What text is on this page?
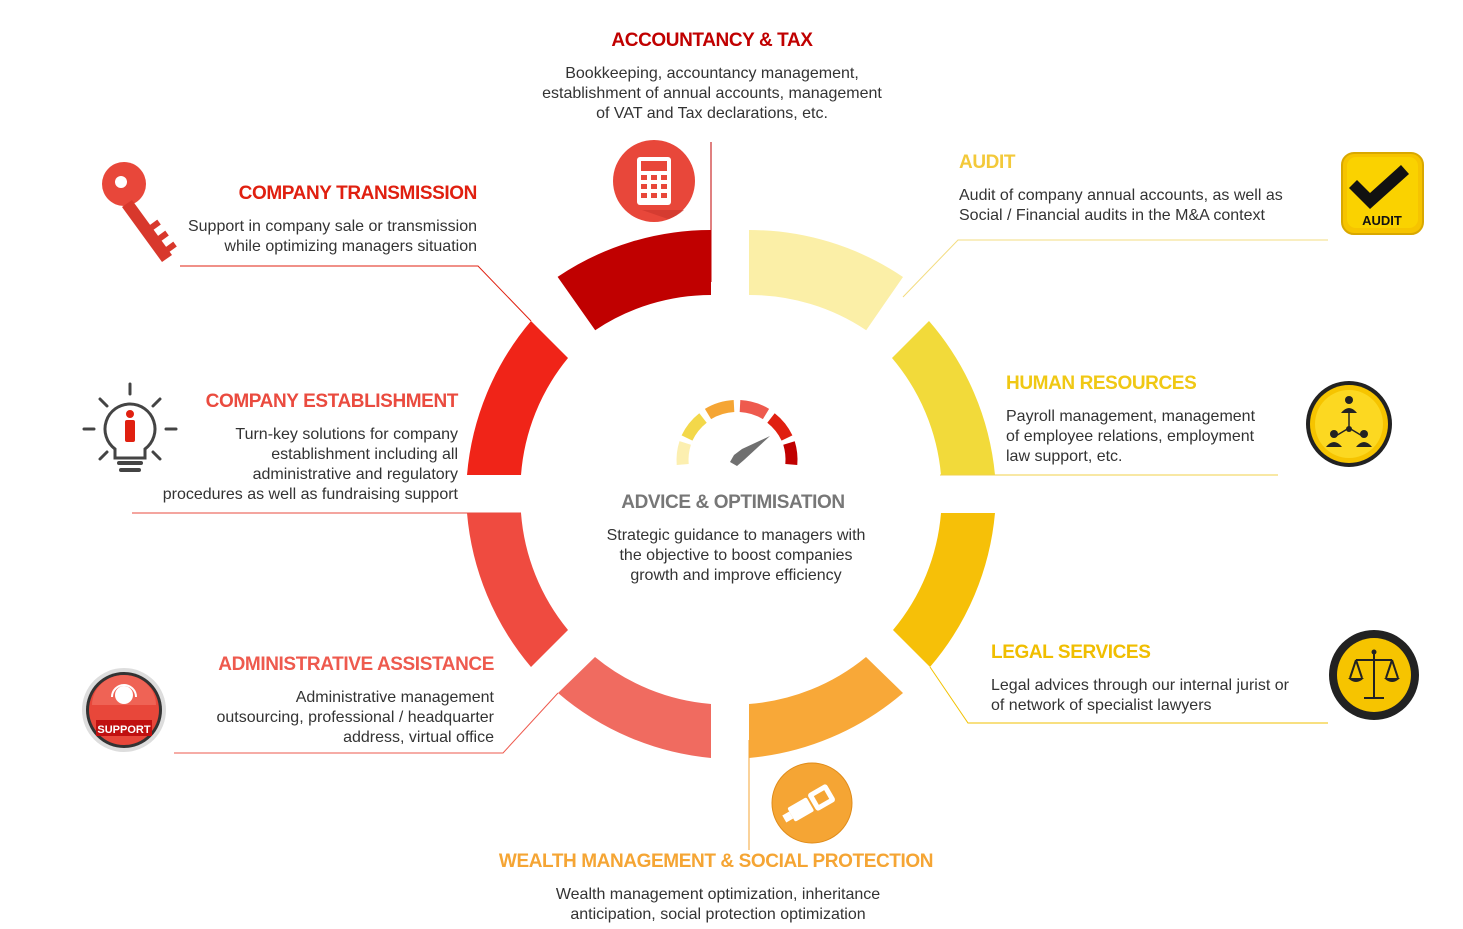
AUDIT
SUPPORT
ADVICE & OPTIMISATION
Strategic guidance to managers with
the objective to boost companies
growth and improve efficiency
ACCOUNTANCY & TAX
Bookkeeping, accountancy management,
establishment of annual accounts, management
of VAT and Tax declarations, etc.
AUDIT
Audit of company annual accounts, as well as
Social / Financial audits in the M&A context
HUMAN RESOURCES
Payroll management, management
of employee relations, employment
law support, etc.
LEGAL SERVICES
Legal advices through our internal jurist or
of network of specialist lawyers
WEALTH MANAGEMENT & SOCIAL PROTECTION
Wealth management optimization, inheritance
anticipation, social protection optimization
ADMINISTRATIVE ASSISTANCE
Administrative management
outsourcing, professional / headquarter
address, virtual office
COMPANY ESTABLISHMENT
Turn-key solutions for company
establishment including all
administrative and regulatory
procedures as well as fundraising support
COMPANY TRANSMISSION
Support in company sale or transmission
while optimizing managers situation
